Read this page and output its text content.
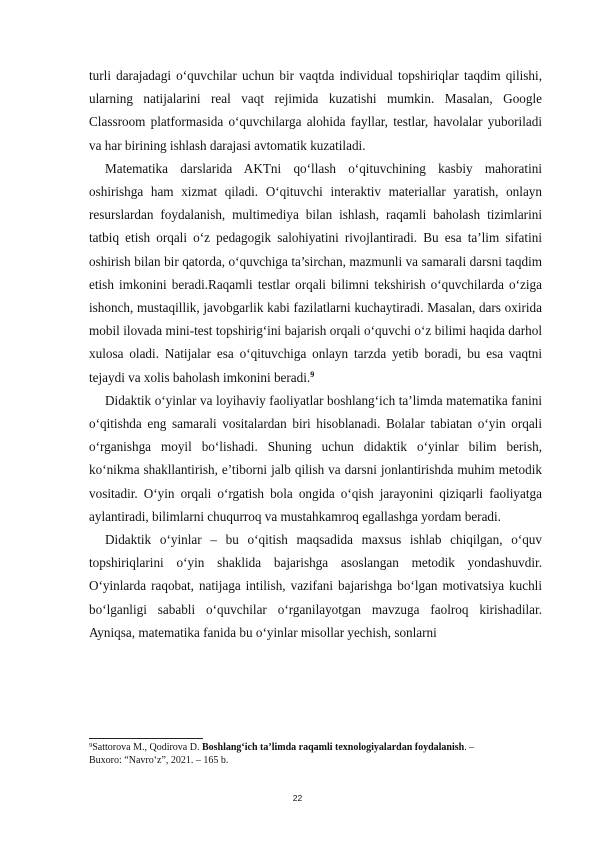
turli darajadagi o‘quvchilar uchun bir vaqtda individual topshiriqlar taqdim qilishi, ularning natijalarini real vaqt rejimida kuzatishi mumkin. Masalan, Google Classroom platformasida o‘quvchilarga alohida fayllar, testlar, havolalar yuboriladi va har birining ishlash darajasi avtomatik kuzatiladi.

Matematika darslarida AKTni qo‘llash o‘qituvchining kasbiy mahoratini oshirishga ham xizmat qiladi. O‘qituvchi interaktiv materiallar yaratish, onlayn resurslardan foydalanish, multimediya bilan ishlash, raqamli baholash tizimlarini tatbiq etish orqali o‘z pedagogik salohiyatini rivojlantiradi. Bu esa ta’lim sifatini oshirish bilan bir qatorda, o‘quvchiga ta’sirchan, mazmunli va samarali darsni taqdim etish imkonini beradi.Raqamli testlar orqali bilimni tekshirish o‘quvchilarda o‘ziga ishonch, mustaqillik, javobgarlik kabi fazilatlarni kuchaytiradi. Masalan, dars oxirida mobil ilovada mini-test topshirig‘ini bajarish orqali o‘quvchi o‘z bilimi haqida darhol xulosa oladi. Natijalar esa o‘qituvchiga onlayn tarzda yetib boradi, bu esa vaqtni tejaydi va xolis baholash imkonini beradi.$^9$

Didaktik o‘yinlar va loyihaviy faoliyatlar boshlang‘ich ta’limda matematika fanini o‘qitishda eng samarali vositalardan biri hisoblanadi. Bolalar tabiatan o‘yin orqali o‘rganishga moyil bo‘lishadi. Shuning uchun didaktik o‘yinlar bilim berish, ko‘nikma shakllantirish, e’tiborni jalb qilish va darsni jonlantirishda muhim metodik vositadir. O‘yin orqali o‘rgatish bola ongida o‘qish jarayonini qiziqarli faoliyatga aylantiradi, bilimlarni chuqurroq va mustahkamroq egallashga yordam beradi.

Didaktik o‘yinlar – bu o‘qitish maqsadida maxsus ishlab chiqilgan, o‘quv topshiriqlarini o‘yin shaklida bajarishga asoslangan metodik yondashuvdir. O‘yinlarda raqobat, natijaga intilish, vazifani bajarishga bo‘lgan motivatsiya kuchli bo‘lganligi sababli o‘quvchilar o‘rganilayotgan mavzuga faolroq kirishadilar. Ayniqsa, matematika fanida bu o‘yinlar misollar yechish, sonlarni

$^9$Sattorova M., Qodirova D. Boshlang‘ich ta’limda raqamli texnologiyalardan foydalanish. – Buxoro: “Navro‘z”, 2021. – 165 b.

22
